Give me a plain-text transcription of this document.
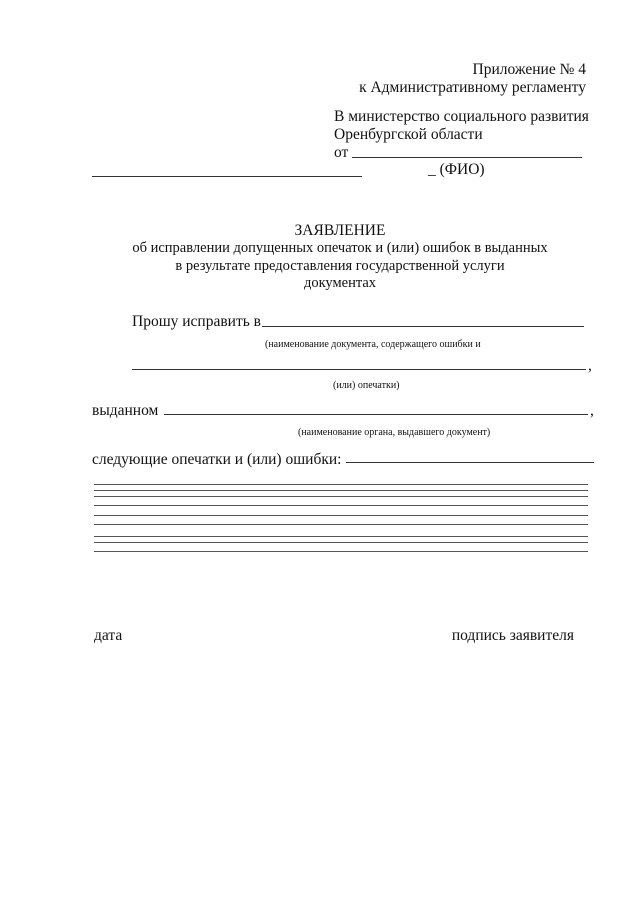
Приложение № 4
к Административному регламенту
В министерство социального развития
Оренбургской области
от
_ (ФИО)
ЗАЯВЛЕНИЕ
об исправлении допущенных опечаток и (или) ошибок в выданных
в результате предоставления государственной услуги
документах
Прошу исправить в
(наименование документа, содержащего ошибки и
,
(или) опечатки)
выданном	,
(наименование органа, выдавшего документ)
следующие опечатки и (или) ошибки:
дата	подпись заявителя
